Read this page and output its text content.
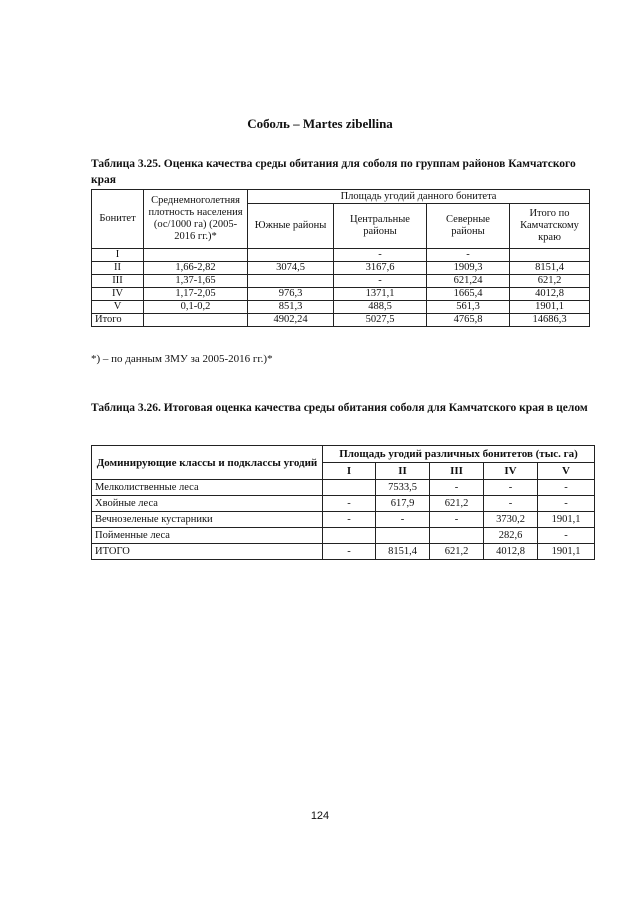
Соболь – Martes zibellina
Таблица 3.25. Оценка качества среды обитания для соболя по группам районов Камчатского края
Бонитет	Среднемноголетняя плотность населения (ос/1000 га) (2005-2016 гг.)*	Площадь угодий данного бонитета			
		Южные районы	Центральные районы	Северные районы	Итого по Камчатскому краю
I			-	-	
II	1,66-2,82	3074,5	3167,6	1909,3	8151,4
III	1,37-1,65		-	621,24	621,2
IV	1,17-2,05	976,3	1371,1	1665,4	4012,8
V	0,1-0,2	851,3	488,5	561,3	1901,1
Итого		4902,24	5027,5	4765,8	14686,3
*) – по данным ЗМУ за 2005-2016 гг.)*
Таблица 3.26. Итоговая оценка качества среды обитания соболя для Камчатского края в целом
Доминирующие классы и подклассы угодий	Площадь угодий различных бонитетов (тыс. га)				
	I	II	III	IV	V
Мелколиственные леса		7533,5	-	-	-
Хвойные леса	-	617,9	621,2	-	-
Вечнозеленые кустарники	-	-	-	3730,2	1901,1
Пойменные леса				282,6	-
ИТОГО	-	8151,4	621,2	4012,8	1901,1
124
